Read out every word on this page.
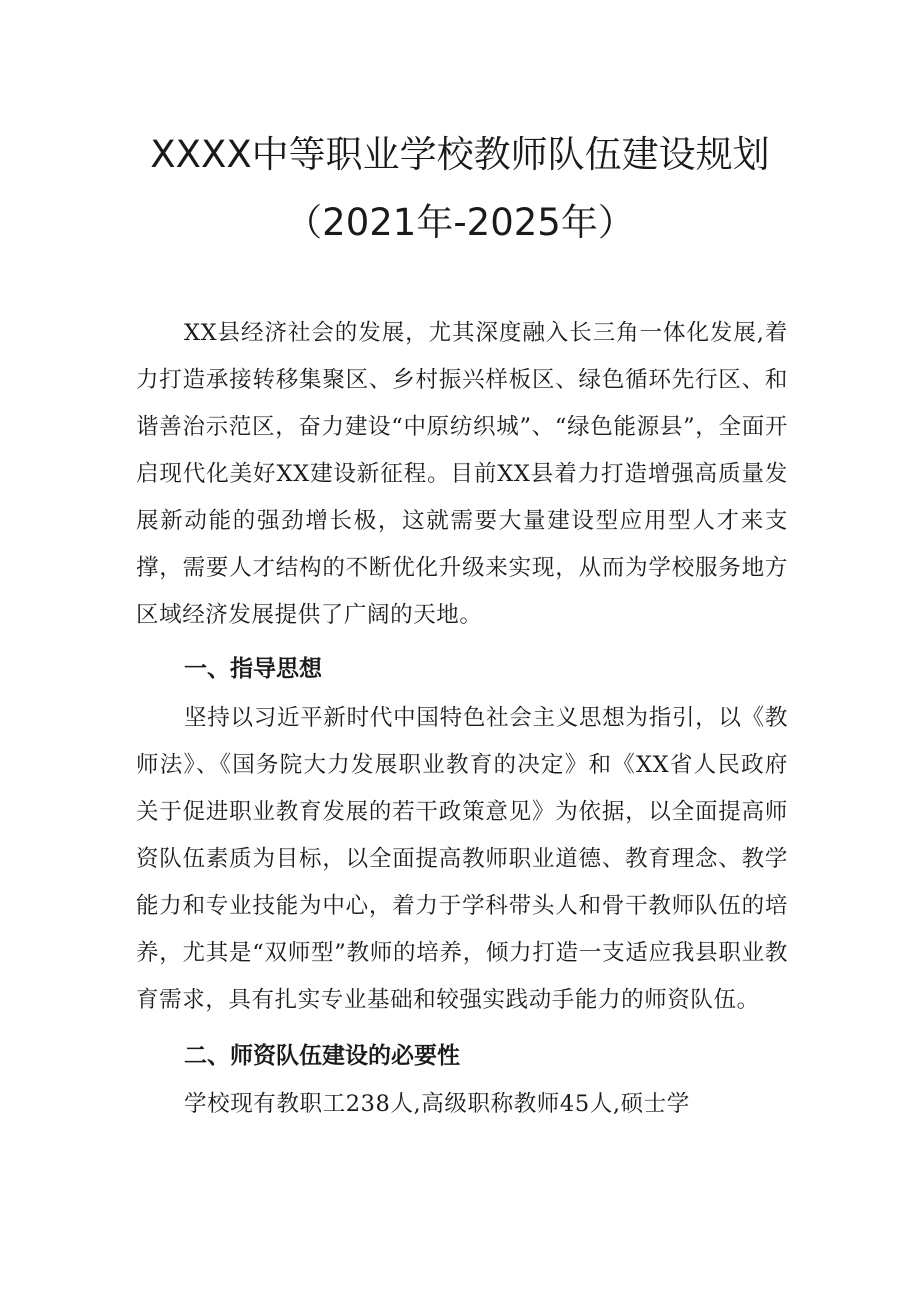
XXXX中等职业学校教师队伍建设规划
（2021年-2025年）

XX县经济社会的发展，尤其深度融入长三角一体化发展,着力打造承接转移集聚区、乡村振兴样板区、绿色循环先行区、和谐善治示范区，奋力建设“中原纺织城”、“绿色能源县”，全面开启现代化美好XX建设新征程。目前XX县着力打造增强高质量发展新动能的强劲增长极，这就需要大量建设型应用型人才来支撑，需要人才结构的不断优化升级来实现，从而为学校服务地方区域经济发展提供了广阔的天地。

一、指导思想

坚持以习近平新时代中国特色社会主义思想为指引，以《教师法》、《国务院大力发展职业教育的决定》和《XX省人民政府关于促进职业教育发展的若干政策意见》为依据，以全面提高师资队伍素质为目标，以全面提高教师职业道德、教育理念、教学能力和专业技能为中心，着力于学科带头人和骨干教师队伍的培养，尤其是“双师型”教师的培养，倾力打造一支适应我县职业教育需求，具有扎实专业基础和较强实践动手能力的师资队伍。

二、师资队伍建设的必要性

学校现有教职工238人,高级职称教师45人,硕士学
